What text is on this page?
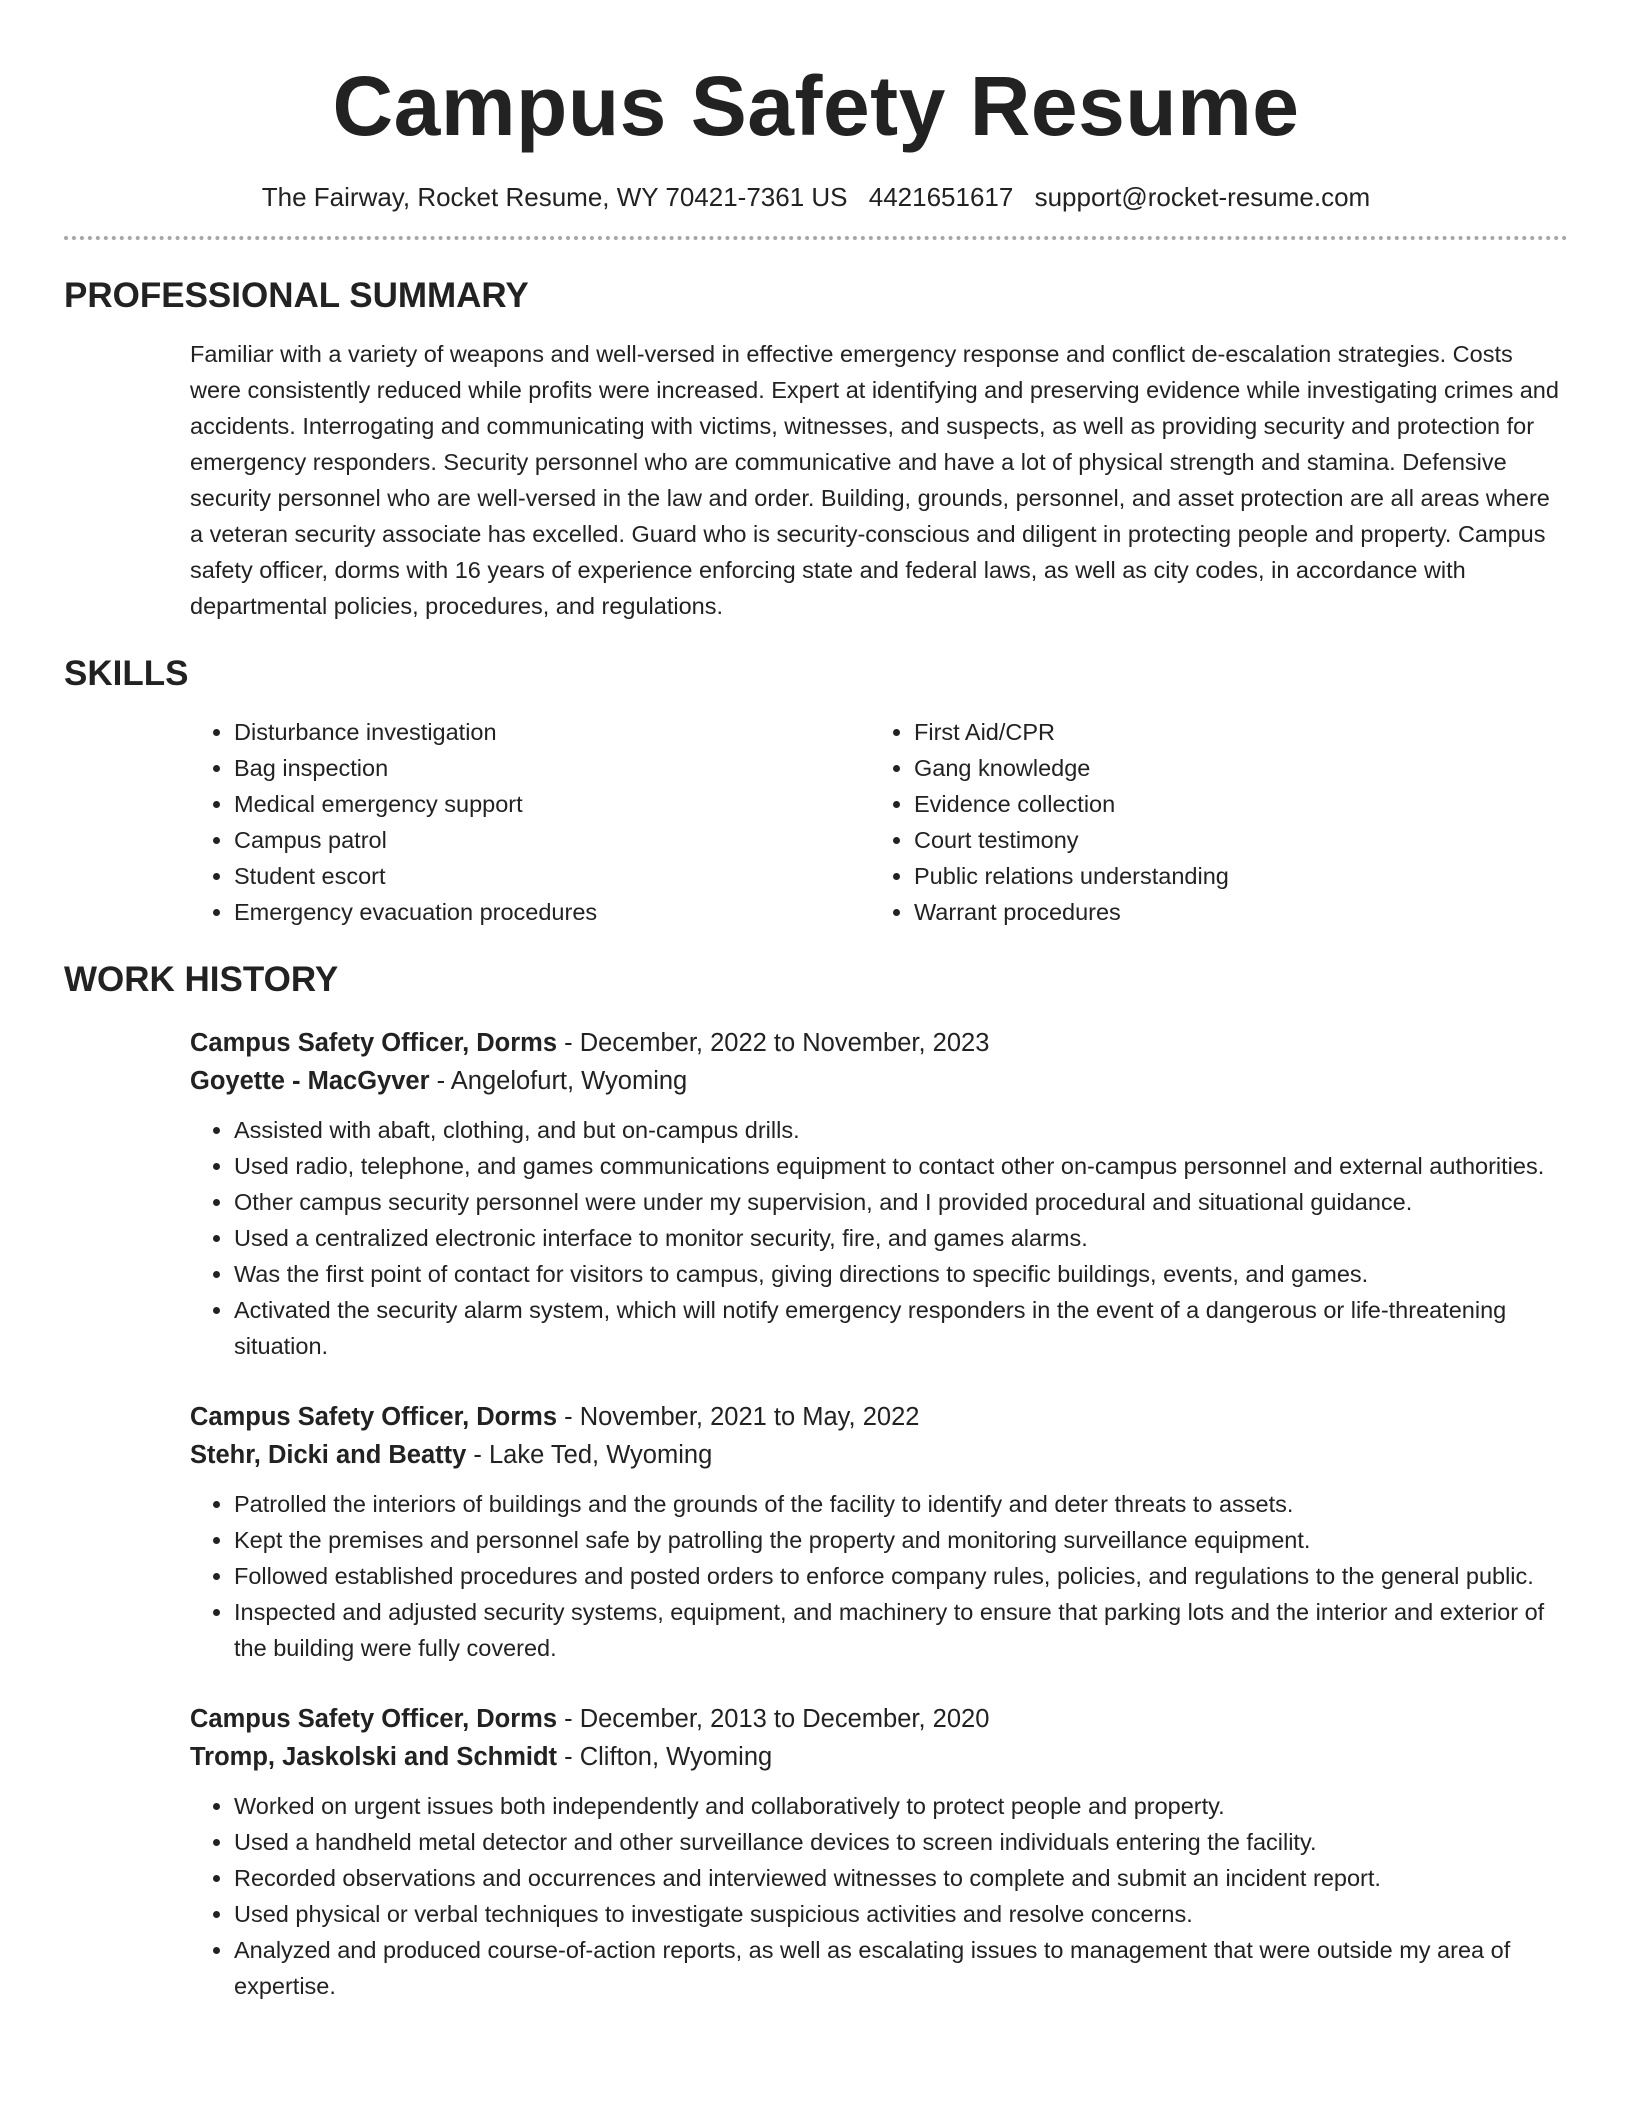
Campus Safety Resume
The Fairway, Rocket Resume, WY 70421-7361 US 4421651617 support@rocket-resume.com
PROFESSIONAL SUMMARY
Familiar with a variety of weapons and well-versed in effective emergency response and conflict de-escalation strategies. Costs were consistently reduced while profits were increased. Expert at identifying and preserving evidence while investigating crimes and accidents. Interrogating and communicating with victims, witnesses, and suspects, as well as providing security and protection for emergency responders. Security personnel who are communicative and have a lot of physical strength and stamina. Defensive security personnel who are well-versed in the law and order. Building, grounds, personnel, and asset protection are all areas where a veteran security associate has excelled. Guard who is security-conscious and diligent in protecting people and property. Campus safety officer, dorms with 16 years of experience enforcing state and federal laws, as well as city codes, in accordance with departmental policies, procedures, and regulations.
SKILLS
• Disturbance investigation
• Bag inspection
• Medical emergency support
• Campus patrol
• Student escort
• Emergency evacuation procedures
• First Aid/CPR
• Gang knowledge
• Evidence collection
• Court testimony
• Public relations understanding
• Warrant procedures
WORK HISTORY
Campus Safety Officer, Dorms - December, 2022 to November, 2023
Goyette - MacGyver - Angelofurt, Wyoming
• Assisted with abaft, clothing, and but on-campus drills.
• Used radio, telephone, and games communications equipment to contact other on-campus personnel and external authorities.
• Other campus security personnel were under my supervision, and I provided procedural and situational guidance.
• Used a centralized electronic interface to monitor security, fire, and games alarms.
• Was the first point of contact for visitors to campus, giving directions to specific buildings, events, and games.
• Activated the security alarm system, which will notify emergency responders in the event of a dangerous or life-threatening situation.
Campus Safety Officer, Dorms - November, 2021 to May, 2022
Stehr, Dicki and Beatty - Lake Ted, Wyoming
• Patrolled the interiors of buildings and the grounds of the facility to identify and deter threats to assets.
• Kept the premises and personnel safe by patrolling the property and monitoring surveillance equipment.
• Followed established procedures and posted orders to enforce company rules, policies, and regulations to the general public.
• Inspected and adjusted security systems, equipment, and machinery to ensure that parking lots and the interior and exterior of the building were fully covered.
Campus Safety Officer, Dorms - December, 2013 to December, 2020
Tromp, Jaskolski and Schmidt - Clifton, Wyoming
• Worked on urgent issues both independently and collaboratively to protect people and property.
• Used a handheld metal detector and other surveillance devices to screen individuals entering the facility.
• Recorded observations and occurrences and interviewed witnesses to complete and submit an incident report.
• Used physical or verbal techniques to investigate suspicious activities and resolve concerns.
• Analyzed and produced course-of-action reports, as well as escalating issues to management that were outside my area of expertise.
